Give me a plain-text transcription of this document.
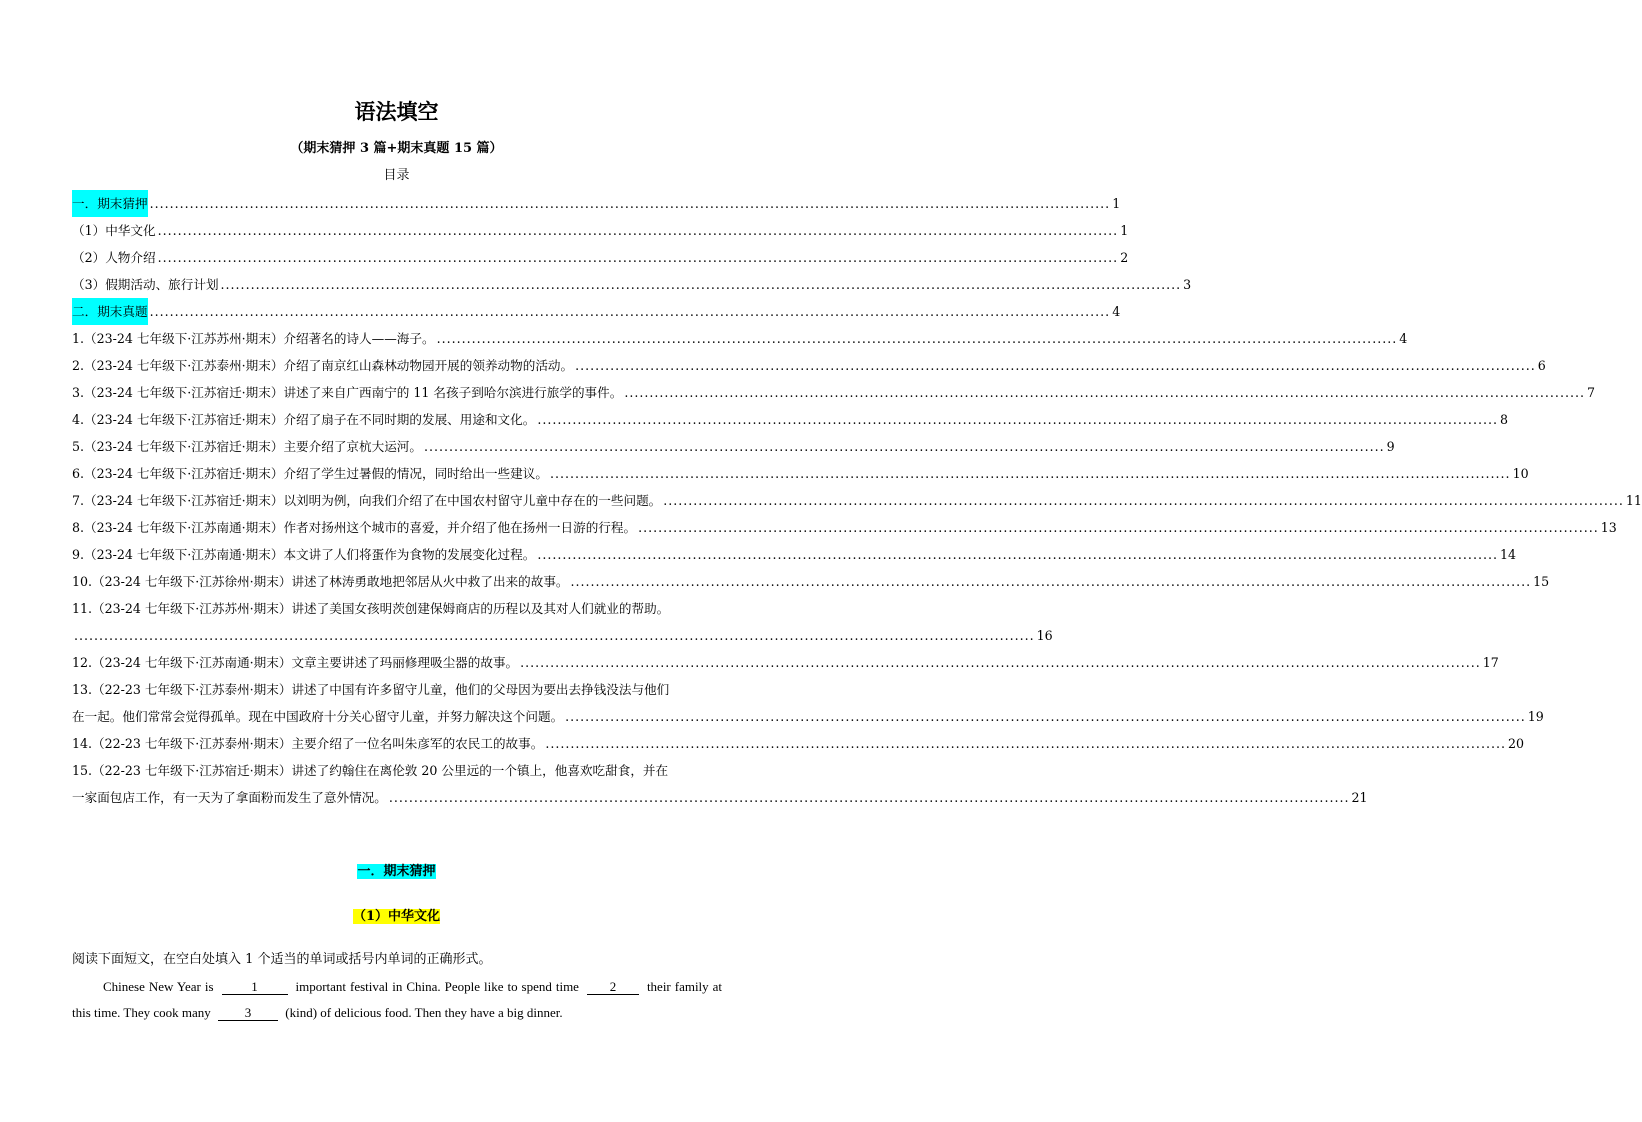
语法填空
（期末猜押 3 篇+期末真题 15 篇）
目录
一．期末猜押 ................................................................................................................................................................................................ 1
（1）中华文化 ................................................................................................................................................................................................ 1
（2）人物介绍 ................................................................................................................................................................................................ 2
（3）假期活动、旅行计划 ................................................................................................................................................................................................ 3
二．期末真题 ................................................................................................................................................................................................ 4
1.（23-24 七年级下·江苏苏州·期末）介绍著名的诗人——海子。 ................................................................................................................................................................................................ 4
2.（23-24 七年级下·江苏泰州·期末）介绍了南京红山森林动物园开展的领养动物的活动。 ................................................................................................................................................................................................ 6
3.（23-24 七年级下·江苏宿迁·期末）讲述了来自广西南宁的 11 名孩子到哈尔滨进行旅学的事件。 ................................................................................................................................................................................................ 7
4.（23-24 七年级下·江苏宿迁·期末）介绍了扇子在不同时期的发展、用途和文化。 ................................................................................................................................................................................................ 8
5.（23-24 七年级下·江苏宿迁·期末）主要介绍了京杭大运河。 ................................................................................................................................................................................................ 9
6.（23-24 七年级下·江苏宿迁·期末）介绍了学生过暑假的情况，同时给出一些建议。 ................................................................................................................................................................................................ 10
7.（23-24 七年级下·江苏宿迁·期末）以刘明为例，向我们介绍了在中国农村留守儿童中存在的一些问题。 ................................................................................................................................................................................................ 11
8.（23-24 七年级下·江苏南通·期末）作者对扬州这个城市的喜爱，并介绍了他在扬州一日游的行程。 ................................................................................................................................................................................................ 13
9.（23-24 七年级下·江苏南通·期末）本文讲了人们将蛋作为食物的发展变化过程。 ................................................................................................................................................................................................ 14
10.（23-24 七年级下·江苏徐州·期末）讲述了林涛勇敢地把邻居从火中救了出来的故事。 ................................................................................................................................................................................................ 15
11.（23-24 七年级下·江苏苏州·期末）讲述了美国女孩明茨创建保姆商店的历程以及其对人们就业的帮助。
................................................................................................................................................................................................ 16
12.（23-24 七年级下·江苏南通·期末）文章主要讲述了玛丽修理吸尘器的故事。 ................................................................................................................................................................................................ 17
13.（22-23 七年级下·江苏泰州·期末）讲述了中国有许多留守儿童，他们的父母因为要出去挣钱没法与他们
在一起。他们常常会觉得孤单。现在中国政府十分关心留守儿童，并努力解决这个问题。 ................................................................................................................................................................................................ 19
14.（22-23 七年级下·江苏泰州·期末）主要介绍了一位名叫朱彦军的农民工的故事。 ................................................................................................................................................................................................ 20
15.（22-23 七年级下·江苏宿迁·期末）讲述了约翰住在离伦敦 20 公里远的一个镇上，他喜欢吃甜食，并在
一家面包店工作，有一天为了拿面粉而发生了意外情况。 ................................................................................................................................................................................................ 21
一．期末猜押
（1）中华文化
阅读下面短文，在空白处填入 1 个适当的单词或括号内单词的正确形式。

Chinese New Year is	1	important festival in China. People like to spend time 2 their family at this time. They cook many	3	(kind) of delicious food. Then they have a big dinner.
